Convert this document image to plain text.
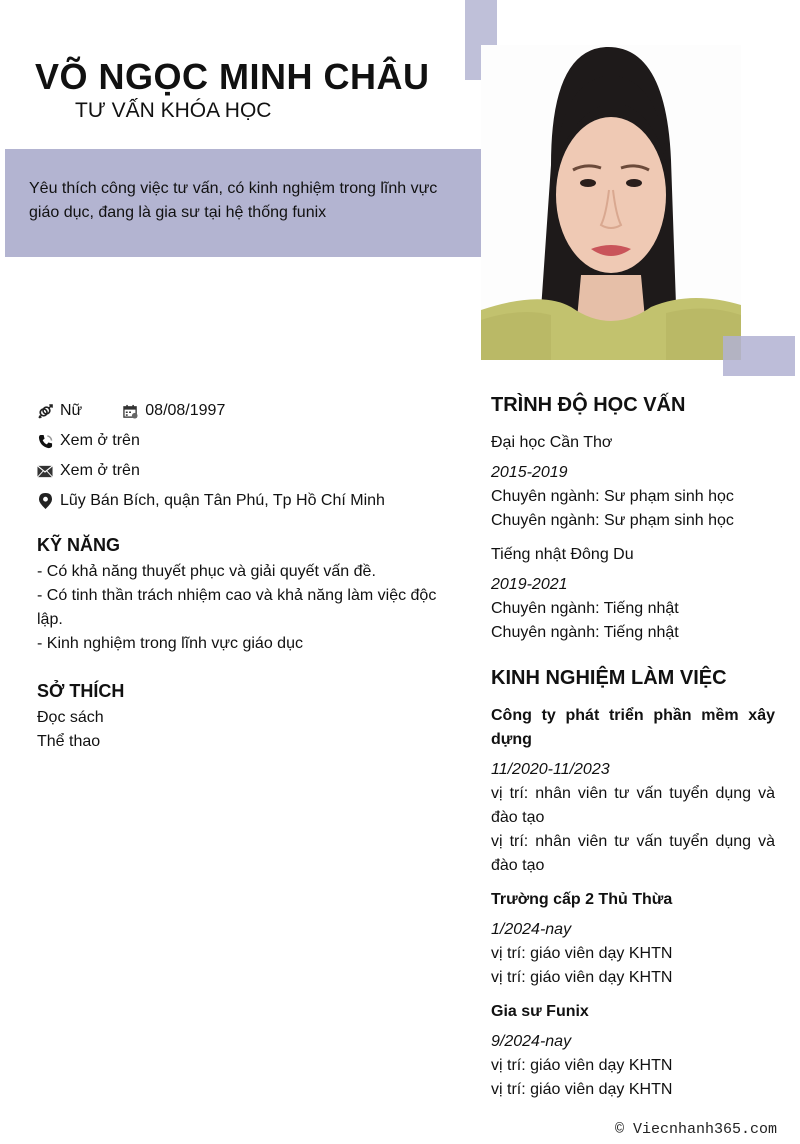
VÕ NGỌC MINH CHÂU
TƯ VẤN KHÓA HỌC
Yêu thích công việc tư vấn, có kinh nghiệm trong lĩnh vực giáo dục, đang là gia sư tại hệ thống funix
Nữ	08/08/1997
Xem ở trên
Xem ở trên
Lũy Bán Bích, quận Tân Phú, Tp Hồ Chí Minh
KỸ NĂNG
- Có khả năng thuyết phục và giải quyết vấn đề.
- Có tinh thần trách nhiệm cao và khả năng làm việc độc lập.
- Kinh nghiệm trong lĩnh vực giáo dục
SỞ THÍCH
Đọc sách
Thể thao
TRÌNH ĐỘ HỌC VẤN
Đại học Cần Thơ
2015-2019
Chuyên ngành: Sư phạm sinh học
Chuyên ngành: Sư phạm sinh học
Tiếng nhật Đông Du
2019-2021
Chuyên ngành: Tiếng nhật
Chuyên ngành: Tiếng nhật
KINH NGHIỆM LÀM VIỆC
Công ty phát triển phần mềm xây dựng
11/2020-11/2023
vị trí: nhân viên tư vấn tuyển dụng và đào tạo
vị trí: nhân viên tư vấn tuyển dụng và đào tạo
Trường cấp 2 Thủ Thừa
1/2024-nay
vị trí: giáo viên dạy KHTN
vị trí: giáo viên dạy KHTN
Gia sư Funix
9/2024-nay
vị trí: giáo viên dạy KHTN
vị trí: giáo viên dạy KHTN
© Viecnhanh365.com
